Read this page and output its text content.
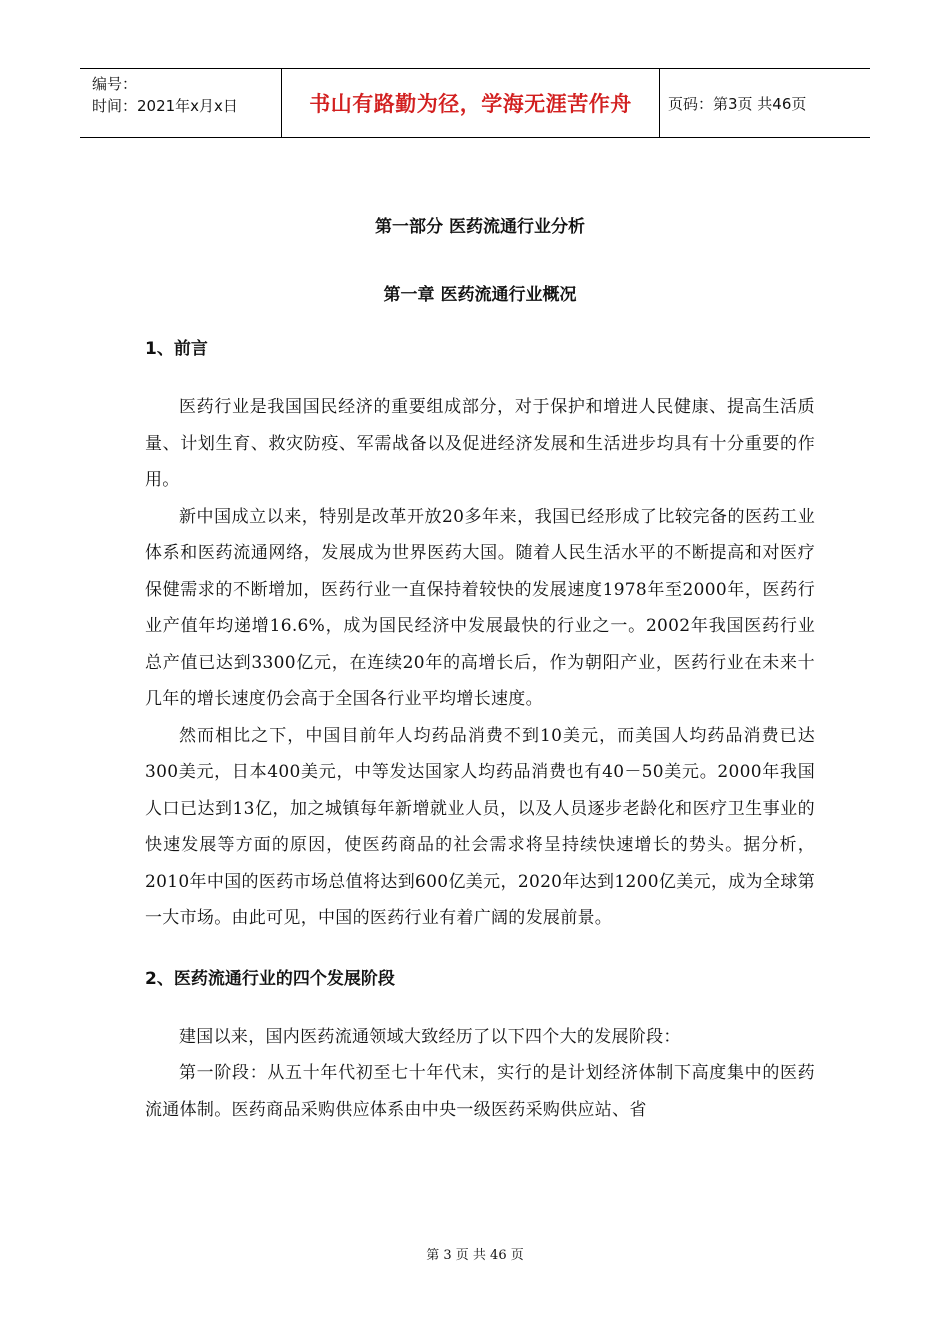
编号：
时间：2021年x月x日	书山有路勤为径，学海无涯苦作舟	页码：第3页 共46页
第一部分 医药流通行业分析
第一章 医药流通行业概况
1、前言

医药行业是我国国民经济的重要组成部分，对于保护和增进人民健康、提高生活质量、计划生育、救灾防疫、军需战备以及促进经济发展和生活进步均具有十分重要的作用。

新中国成立以来，特别是改革开放20多年来，我国已经形成了比较完备的医药工业体系和医药流通网络，发展成为世界医药大国。随着人民生活水平的不断提高和对医疗保健需求的不断增加，医药行业一直保持着较快的发展速度1978年至2000年，医药行业产值年均递增16.6%，成为国民经济中发展最快的行业之一。2002年我国医药行业总产值已达到3300亿元，在连续20年的高增长后，作为朝阳产业，医药行业在未来十几年的增长速度仍会高于全国各行业平均增长速度。

然而相比之下，中国目前年人均药品消费不到10美元，而美国人均药品消费已达300美元，日本400美元，中等发达国家人均药品消费也有40－50美元。2000年我国人口已达到13亿，加之城镇每年新增就业人员，以及人员逐步老龄化和医疗卫生事业的快速发展等方面的原因，使医药商品的社会需求将呈持续快速增长的势头。据分析，2010年中国的医药市场总值将达到600亿美元，2020年达到1200亿美元，成为全球第一大市场。由此可见，中国的医药行业有着广阔的发展前景。

2、医药流通行业的四个发展阶段

建国以来，国内医药流通领域大致经历了以下四个大的发展阶段：

第一阶段：从五十年代初至七十年代末，实行的是计划经济体制下高度集中的医药流通体制。医药商品采购供应体系由中央一级医药采购供应站、省

第 3 页 共 46 页
